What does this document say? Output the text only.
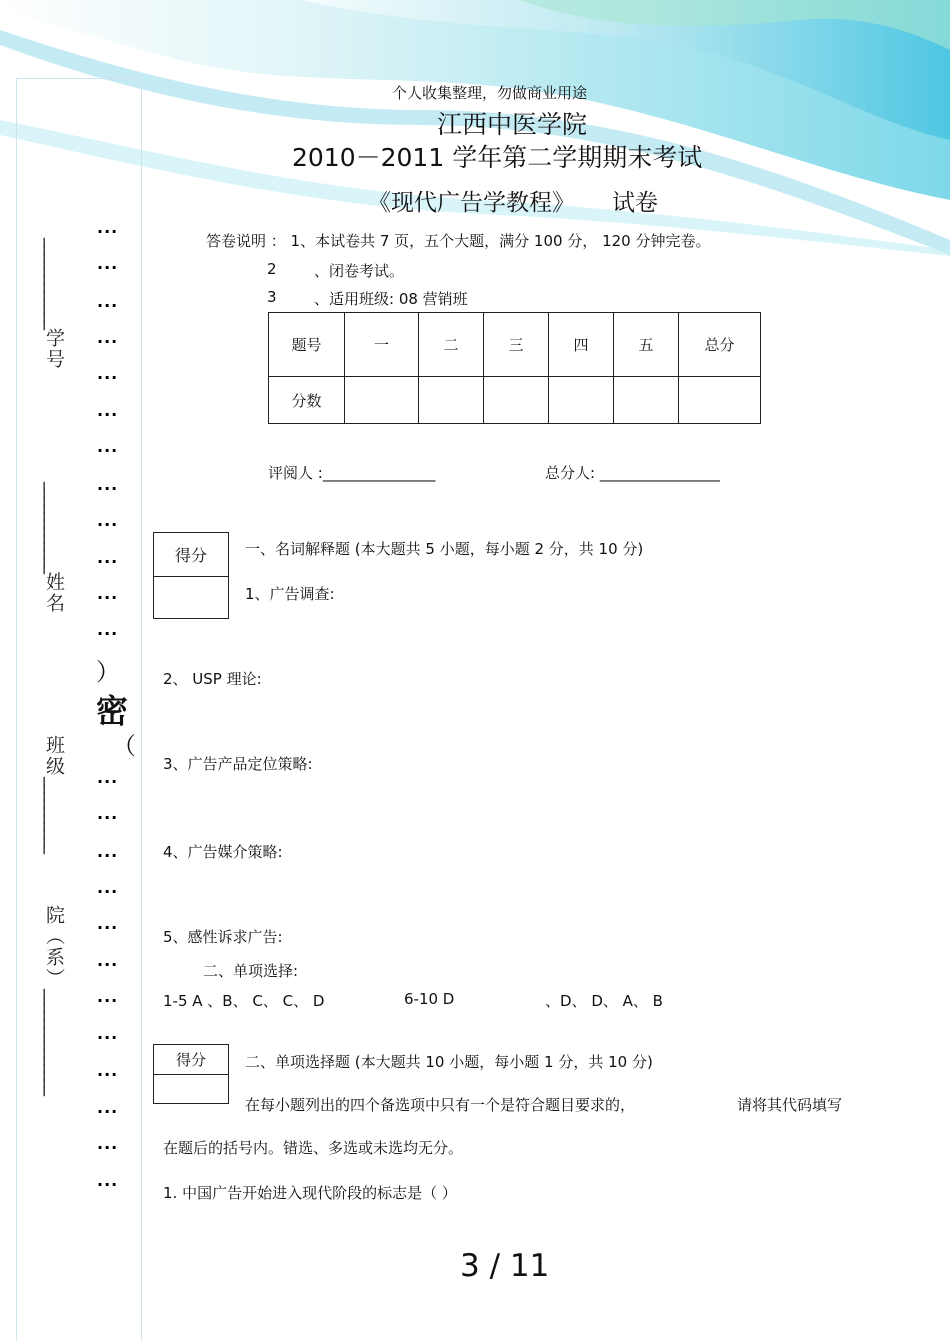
____________学号
____________姓名
班级__________
院（系）______________
）
密
（
···
···
···
···
···
···
···
···
···
···
···
···
···
···
···
···
···
···
···
···
···
···
···
···
个人收集整理，勿做商业用途
江西中医学院
2010－2011 学年第二学期期末考试
《现代广告学教程》 试卷
答卷说明 ： 1、本试卷共 7 页，五个大题，满分 100 分， 120 分钟完卷。
2 、闭卷考试。
3 、适用班级: 08 营销班
题号	一	二	三	四	五	总分
分数						
评阅人 :_______________	总分人: ________________
得分	一、名词解释题 (本大题共 5 小题，每小题 2 分，共 10 分)
1、广告调查:
2、 USP 理论:
3、广告产品定位策略:
4、广告媒介策略:
5、感性诉求广告:
二、单项选择:
1-5 A 、B、 C、 C、 D	6-10 D	、D、 D、 A、 B
得分	二、单项选择题 (本大题共 10 小题，每小题 1 分，共 10 分)
在每小题列出的四个备选项中只有一个是符合题目要求的，	请将其代码填写
在题后的括号内。错选、多选或未选均无分。
1. 中国广告开始进入现代阶段的标志是（ ）
3 / 11
